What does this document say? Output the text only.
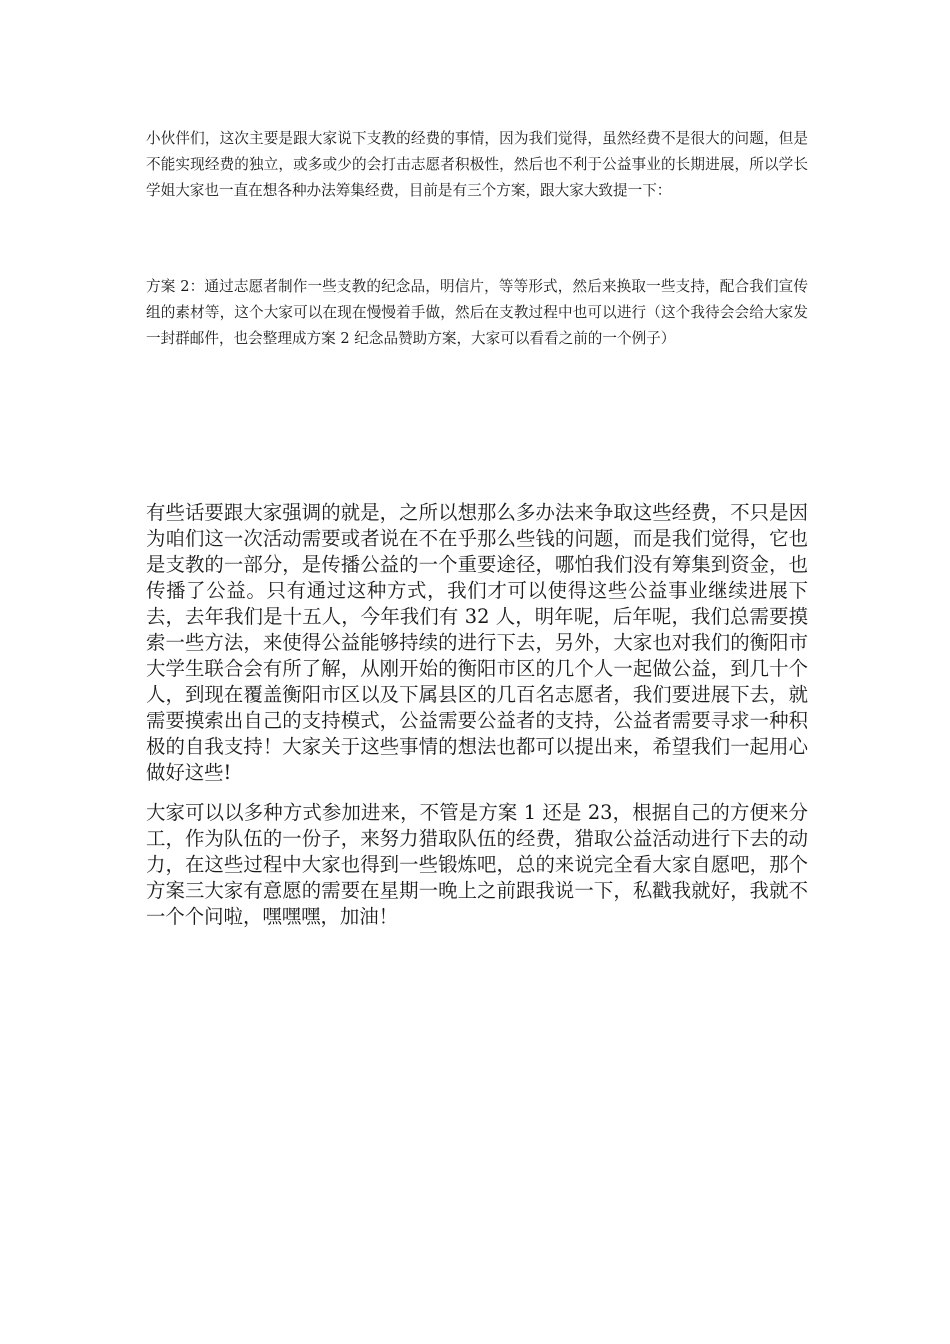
小伙伴们，这次主要是跟大家说下支教的经费的事情，因为我们觉得，虽然经费不是很大的问题，但是不能实现经费的独立，或多或少的会打击志愿者积极性，然后也不利于公益事业的长期进展，所以学长学姐大家也一直在想各种办法筹集经费，目前是有三个方案，跟大家大致提一下：

方案 2：通过志愿者制作一些支教的纪念品，明信片，等等形式，然后来换取一些支持，配合我们宣传组的素材等，这个大家可以在现在慢慢着手做，然后在支教过程中也可以进行（这个我待会会给大家发一封群邮件，也会整理成方案 2 纪念品赞助方案，大家可以看看之前的一个例子）

有些话要跟大家强调的就是，之所以想那么多办法来争取这些经费，不只是因为咱们这一次活动需要或者说在不在乎那么些钱的问题，而是我们觉得，它也是支教的一部分，是传播公益的一个重要途径，哪怕我们没有筹集到资金，也传播了公益。只有通过这种方式，我们才可以使得这些公益事业继续进展下去，去年我们是十五人，今年我们有 32 人，明年呢，后年呢，我们总需要摸索一些方法，来使得公益能够持续的进行下去，另外，大家也对我们的衡阳市大学生联合会有所了解，从刚开始的衡阳市区的几个人一起做公益，到几十个人，到现在覆盖衡阳市区以及下属县区的几百名志愿者，我们要进展下去，就需要摸索出自己的支持模式，公益需要公益者的支持，公益者需要寻求一种积极的自我支持！大家关于这些事情的想法也都可以提出来，希望我们一起用心做好这些!

大家可以以多种方式参加进来，不管是方案 1 还是 23，根据自己的方便来分工，作为队伍的一份子，来努力猎取队伍的经费，猎取公益活动进行下去的动力，在这些过程中大家也得到一些锻炼吧，总的来说完全看大家自愿吧，那个方案三大家有意愿的需要在星期一晚上之前跟我说一下，私戳我就好，我就不一个个问啦，嘿嘿嘿，加油！
